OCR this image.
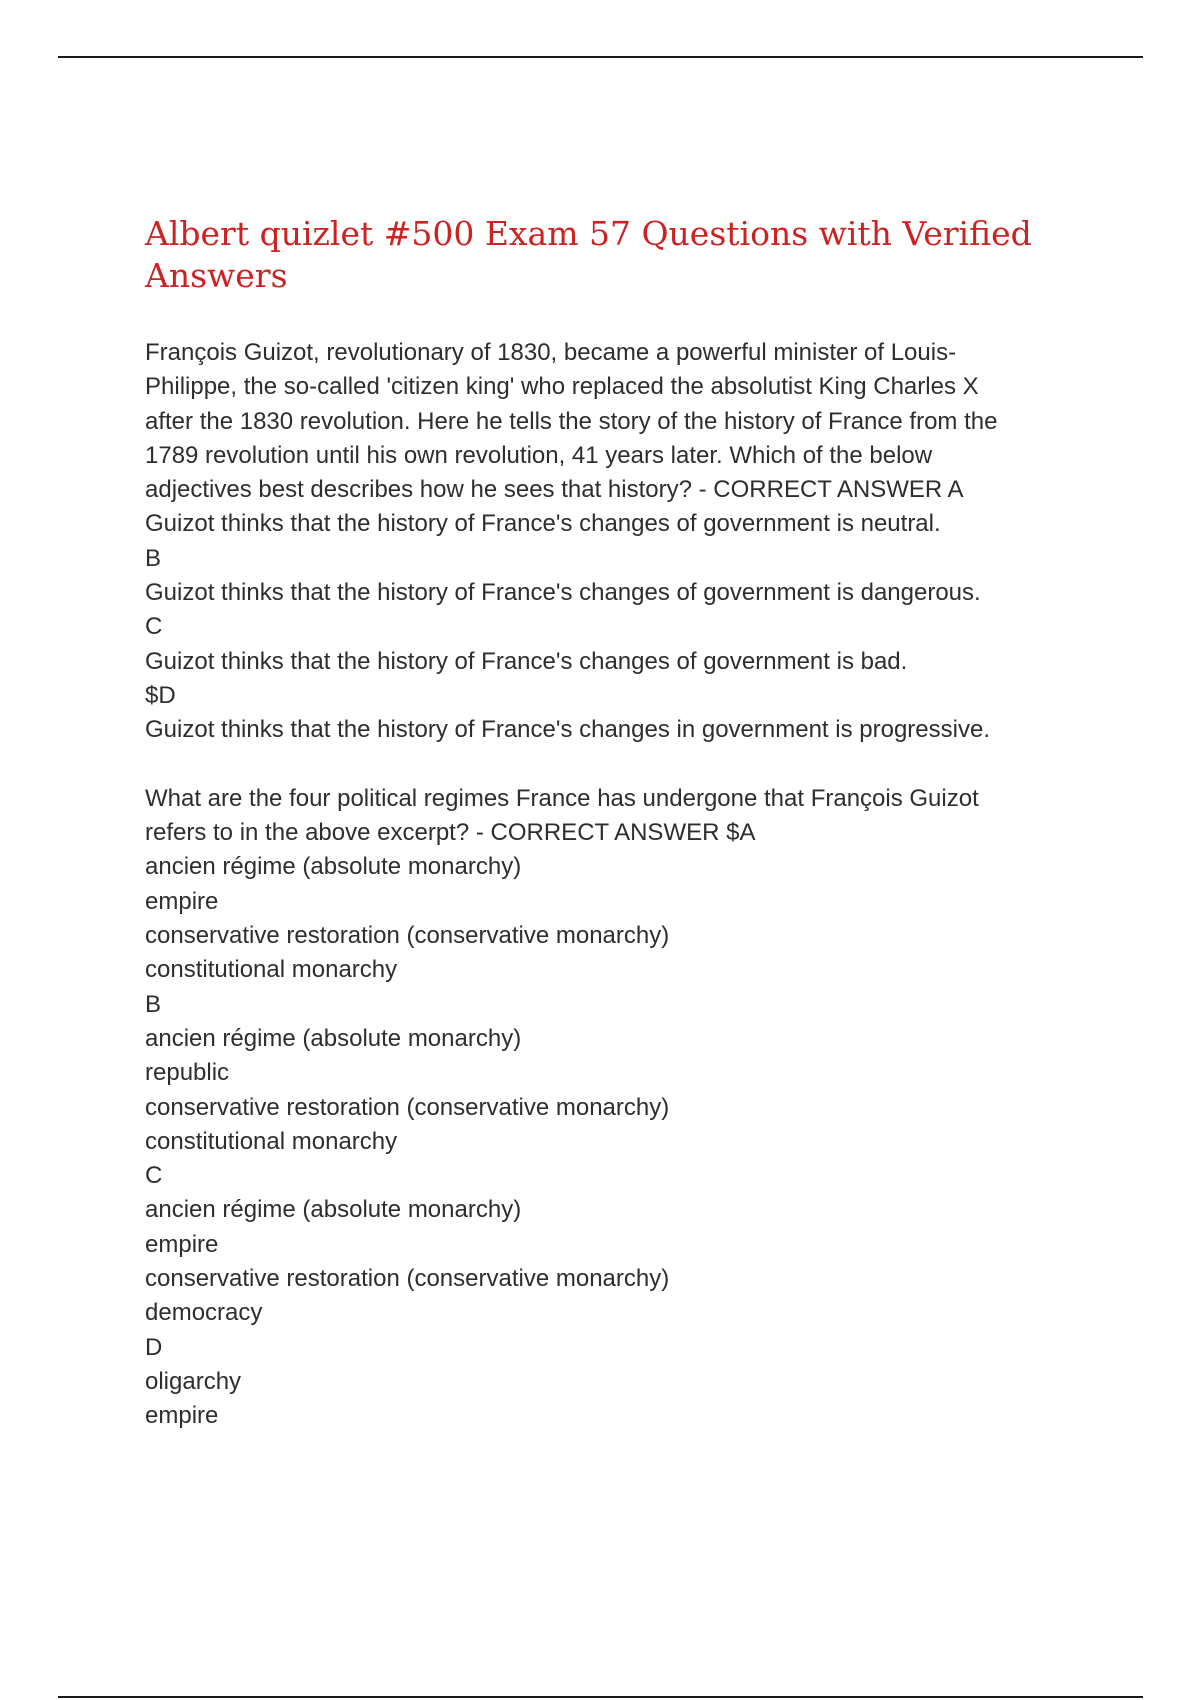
Albert quizlet #500 Exam 57 Questions with Verified Answers
François Guizot, revolutionary of 1830, became a powerful minister of Louis-
Philippe, the so-called 'citizen king' who replaced the absolutist King Charles X
after the 1830 revolution. Here he tells the story of the history of France from the
1789 revolution until his own revolution, 41 years later. Which of the below
adjectives best describes how he sees that history? - CORRECT ANSWER A
Guizot thinks that the history of France's changes of government is neutral.
B
Guizot thinks that the history of France's changes of government is dangerous.
C
Guizot thinks that the history of France's changes of government is bad.
$D
Guizot thinks that the history of France's changes in government is progressive.
What are the four political regimes France has undergone that François Guizot
refers to in the above excerpt? - CORRECT ANSWER $A
ancien régime (absolute monarchy)
empire
conservative restoration (conservative monarchy)
constitutional monarchy
B
ancien régime (absolute monarchy)
republic
conservative restoration (conservative monarchy)
constitutional monarchy
C
ancien régime (absolute monarchy)
empire
conservative restoration (conservative monarchy)
democracy
D
oligarchy
empire
